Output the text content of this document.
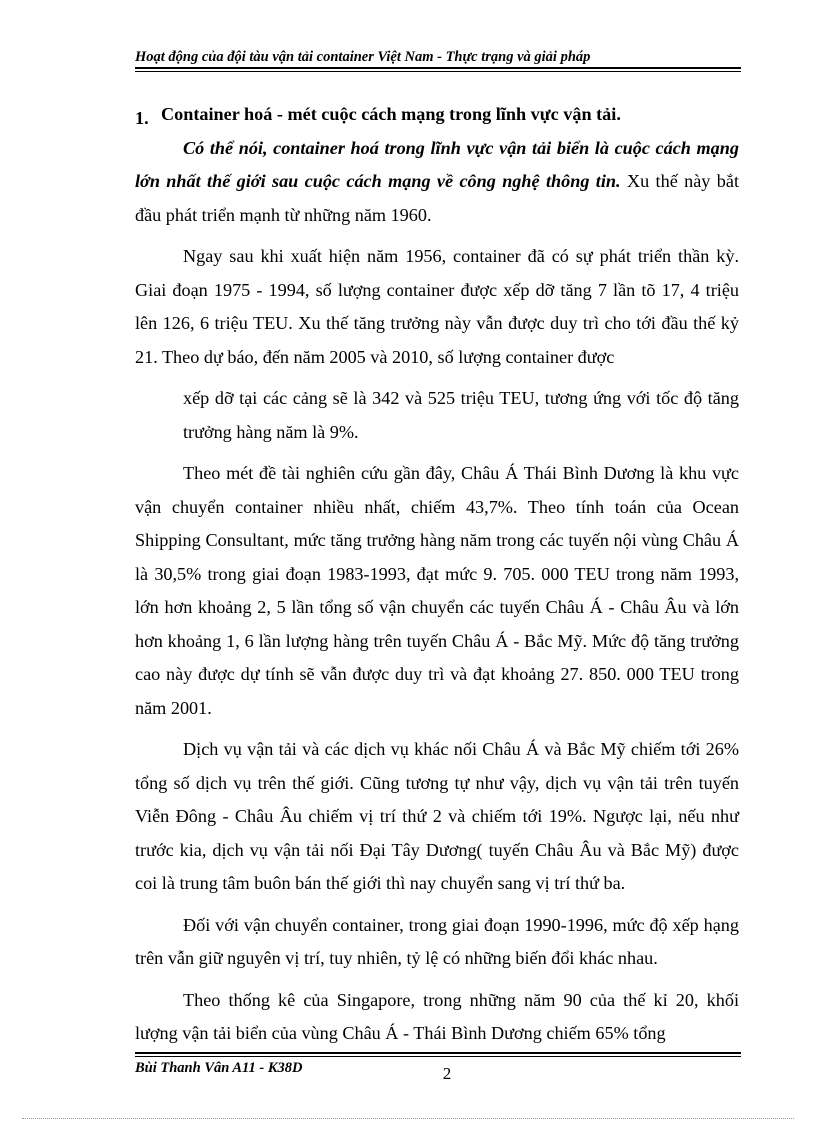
Hoạt động của đội tàu vận tải container Việt Nam - Thực trạng và giải pháp

1. Container hoá - mét cuộc cách mạng trong lĩnh vực vận tải.

Có thể nói, container hoá trong lĩnh vực vận tải biển là cuộc cách mạng lớn nhất thế giới sau cuộc cách mạng về công nghệ thông tin. Xu thế này bắt đầu phát triển mạnh từ những năm 1960.

Ngay sau khi xuất hiện năm 1956, container đã có sự phát triển thần kỳ. Giai đoạn 1975 - 1994, số lượng container được xếp dỡ tăng 7 lần tõ 17, 4 triệu lên 126, 6 triệu TEU. Xu thế tăng trưởng này vẫn được duy trì cho tới đầu thế kỷ 21. Theo dự báo, đến năm 2005 và 2010, số lượng container được

xếp dỡ tại các cảng sẽ là 342 và 525 triệu TEU, tương ứng với tốc độ tăng trưởng hàng năm là 9%.

Theo mét đề tài nghiên cứu gần đây, Châu Á Thái Bình Dương là khu vực vận chuyển container nhiều nhất, chiếm 43,7%. Theo tính toán của Ocean Shipping Consultant, mức tăng trưởng hàng năm trong các tuyến nội vùng Châu Á là 30,5% trong giai đoạn 1983-1993, đạt mức 9. 705. 000 TEU trong năm 1993, lớn hơn khoảng 2, 5 lần tổng số vận chuyển các tuyến Châu Á - Châu Âu và lớn hơn khoảng 1, 6 lần lượng hàng trên tuyến Châu Á - Bắc Mỹ. Mức độ tăng trưởng cao này được dự tính sẽ vẫn được duy trì và đạt khoảng 27. 850. 000 TEU trong năm 2001.

Dịch vụ vận tải và các dịch vụ khác nối Châu Á và Bắc Mỹ chiếm tới 26% tổng số dịch vụ trên thế giới. Cũng tương tự như vậy, dịch vụ vận tải trên tuyến Viễn Đông - Châu Âu chiếm vị trí thứ 2 và chiếm tới 19%. Ngược lại, nếu như trước kia, dịch vụ vận tải nối Đại Tây Dương( tuyến Châu Âu và Bắc Mỹ) được coi là trung tâm buôn bán thế giới thì nay chuyển sang vị trí thứ ba.

Đối với vận chuyển container, trong giai đoạn 1990-1996, mức độ xếp hạng trên vẫn giữ nguyên vị trí, tuy nhiên, tỷ lệ có những biến đổi khác nhau.

Theo thống kê của Singapore, trong những năm 90 của thế kỉ 20, khối lượng vận tải biển của vùng Châu Á - Thái Bình Dương chiếm 65% tổng

Bùi Thanh Vân A11 - K38D	2
